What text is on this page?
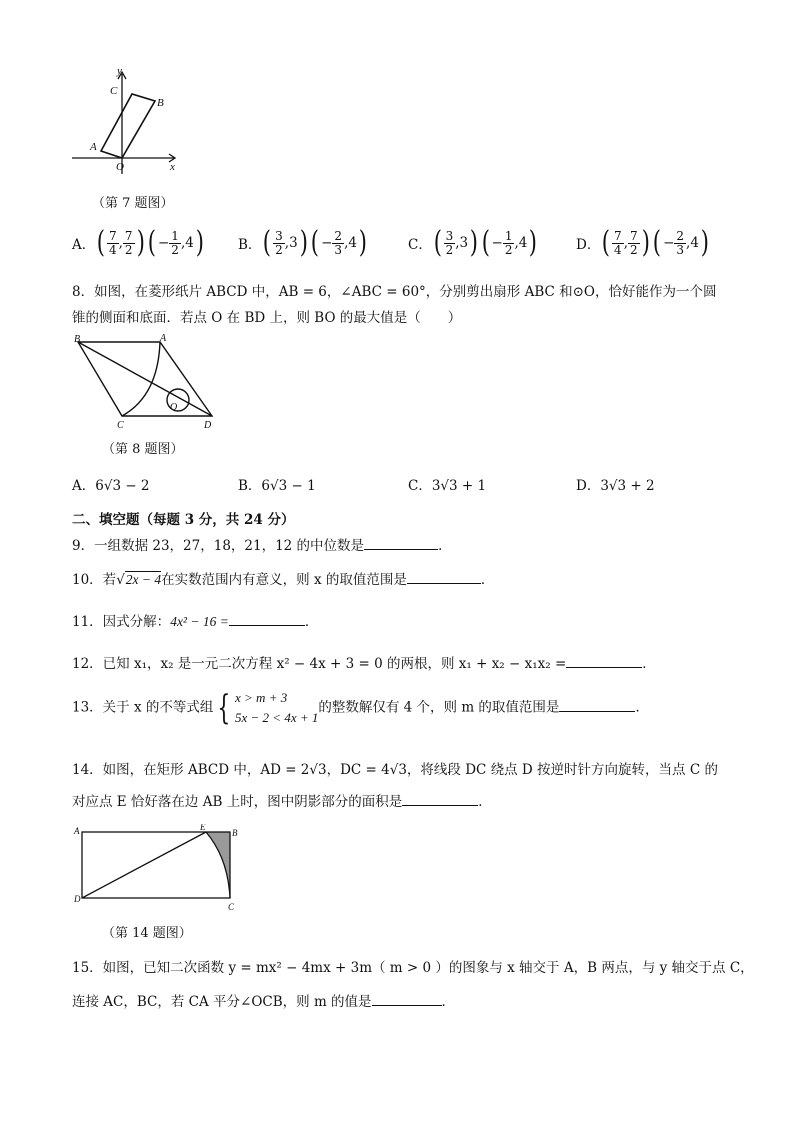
y
x
C
B
A
O
（第 7 题图）
A． ( $\frac{7}{4}$ , $\frac{7}{2}$ ) ( − $\frac{1}{2}$ , 4 )	B． ( $\frac{3}{2}$ , 3 ) ( − $\frac{2}{3}$ , 4 )	C． ( $\frac{3}{2}$ , 3 ) ( − $\frac{1}{2}$ , 4 )	D． ( $\frac{7}{4}$ , $\frac{7}{2}$ ) ( − $\frac{2}{3}$ , 4 )
8．如图，在菱形纸片 ABCD 中，AB = 6，∠ABC = 60°，分别剪出扇形 ABC 和⊙O，恰好能作为一个圆
锥的侧面和底面．若点 O 在 BD 上，则 BO 的最大值是（　　）
B	A
C	D
O
（第 8 题图）
A．6√3 − 2	B．6√3 − 1	C．3√3 + 1	D．3√3 + 2
二、填空题（每题 3 分，共 24 分）
9．一组数据 23，27，18，21，12 的中位数是	．
10．若√2x − 4在实数范围内有意义，则 x 的取值范围是	．
11．因式分解：4x² − 16 =	．
12．已知 x₁，x₂ 是一元二次方程 x² − 4x + 3 = 0 的两根，则 x₁ + x₂ − x₁x₂ =	．
13．关于 x 的不等式组 { x > m + 3
5x − 2 < 4x + 1
的整数解仅有 4 个，则 m 的取值范围是	．
14．如图，在矩形 ABCD 中，AD = 2√3，DC = 4√3，将线段 DC 绕点 D 按逆时针方向旋转，当点 C 的
对应点 E 恰好落在边 AB 上时，图中阴影部分的面积是	．
A	E
B
D
C
（第 14 题图）
15．如图，已知二次函数 y = mx² − 4mx + 3m（ m > 0 ）的图象与 x 轴交于 A，B 两点，与 y 轴交于点 C，
连接 AC，BC，若 CA 平分∠OCB，则 m 的值是	．
